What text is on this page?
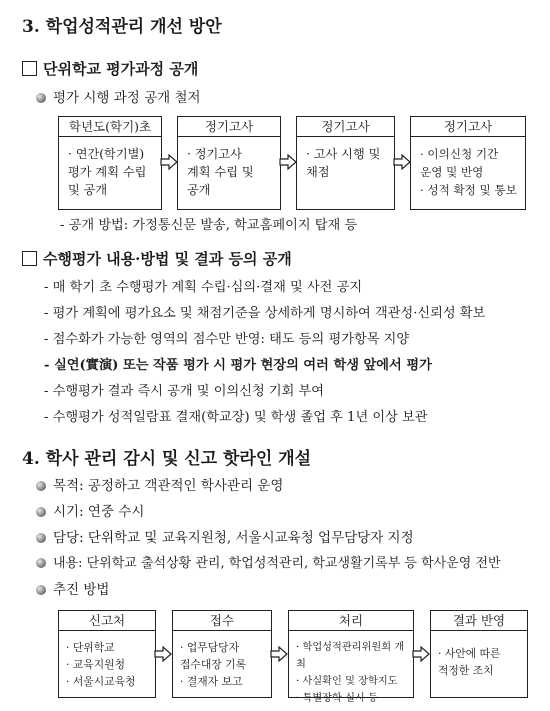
3. 학업성적관리 개선 방안
단위학교 평가과정 공개
평가 시행 과정 공개 철저
학년도(학기)초
· 연간(학기별)
평가 계획 수립
및 공개
정기고사
· 정기고사
계획 수립 및
공개
정기고사
· 고사 시행 및
채점
정기고사
· 이의신청 기간
운영 및 반영
· 성적 확정 및 통보
- 공개 방법: 가정통신문 발송, 학교홈페이지 탑재 등
수행평가 내용·방법 및 결과 등의 공개
- 매 학기 초 수행평가 계획 수립·심의·결재 및 사전 공지
- 평가 계획에 평가요소 및 채점기준을 상세하게 명시하여 객관성·신뢰성 확보
- 점수화가 가능한 영역의 점수만 반영: 태도 등의 평가항목 지양
- 실연(實演) 또는 작품 평가 시 평가 현장의 여러 학생 앞에서 평가
- 수행평가 결과 즉시 공개 및 이의신청 기회 부여
- 수행평가 성적일람표 결재(학교장) 및 학생 졸업 후 1년 이상 보관
4. 학사 관리 감시 및 신고 핫라인 개설
목적: 공정하고 객관적인 학사관리 운영
시기: 연중 수시
담당: 단위학교 및 교육지원청, 서울시교육청 업무담당자 지정
내용: 단위학교 출석상황 관리, 학업성적관리, 학교생활기록부 등 학사운영 전반
추진 방법
신고처
· 단위학교
· 교육지원청
· 서울시교육청
접수
· 업무담당자
접수대장 기록
· 결재자 보고
처리
· 학업성적관리위원회 개최
· 사실확인 및 장학지도
· 특별장학 실시 등
결과 반영
· 사안에 따른
적정한 조치
